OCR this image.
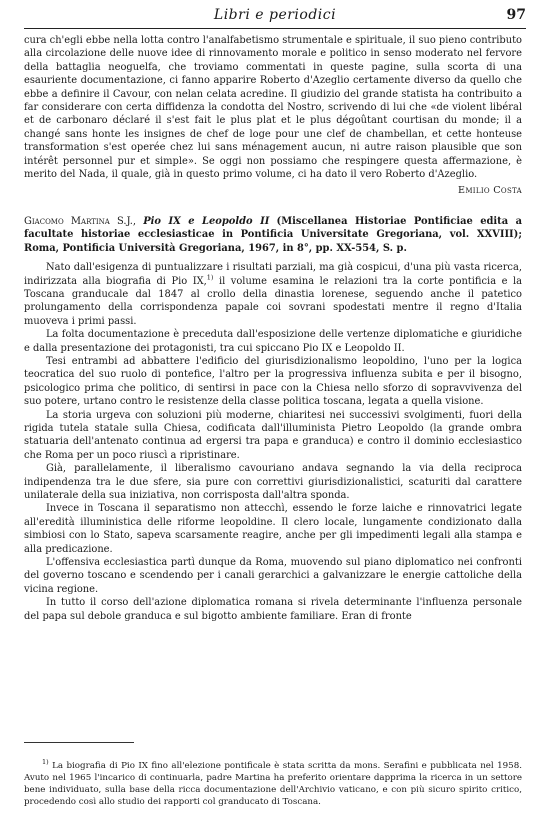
Libri e periodici	97

cura ch'egli ebbe nella lotta contro l'analfabetismo strumentale e spirituale, il suo pieno contributo alla circolazione delle nuove idee di rinnovamento morale e politico in senso moderato nel fervore della battaglia neoguelfa, che troviamo commentati in queste pagine, sulla scorta di una esauriente documentazione, ci fanno apparire Roberto d'Azeglio certamente diverso da quello che ebbe a definire il Cavour, con nelan celata acredine. Il giudizio del grande statista ha contribuito a far considerare con certa diffidenza la condotta del Nostro, scrivendo di lui che «de violent libéral et de carbonaro déclaré il s'est fait le plus plat et le plus dégoûtant courtisan du monde; il a changé sans honte les insignes de chef de loge pour une clef de chambellan, et cette honteuse transformation s'est operée chez lui sans ménagement aucun, ni autre raison plausible que son intérêt personnel pur et simple». Se oggi non possiamo che respingere questa affermazione, è merito del Nada, il quale, già in questo primo volume, ci ha dato il vero Roberto d'Azeglio.

Emilio Costa

Giacomo Martina S.J., Pio IX e Leopoldo II (Miscellanea Historiae Pontificiae edita a facultate historiae ecclesiasticae in Pontificia Universitate Gregoriana, vol. XXVIII); Roma, Pontificia Università Gregoriana, 1967, in 8°, pp. XX-554, S. p.

Nato dall'esigenza di puntualizzare i risultati parziali, ma già cospicui, d'una più vasta ricerca, indirizzata alla biografia di Pio IX,$^{1)}$ il volume esamina le relazioni tra la corte pontificia e la Toscana granducale dal 1847 al crollo della dinastia lorenese, seguendo anche il patetico prolungamento della corrispondenza papale coi sovrani spodestati mentre il regno d'Italia muoveva i primi passi.

La folta documentazione è preceduta dall'esposizione delle vertenze diplomatiche e giuridiche e dalla presentazione dei protagonisti, tra cui spiccano Pio IX e Leopoldo II.

Tesi entrambi ad abbattere l'edificio del giurisdizionalismo leopoldino, l'uno per la logica teocratica del suo ruolo di pontefice, l'altro per la progressiva influenza subita e per il bisogno, psicologico prima che politico, di sentirsi in pace con la Chiesa nello sforzo di sopravvivenza del suo potere, urtano contro le resistenze della classe politica toscana, legata a quella visione.

La storia urgeva con soluzioni più moderne, chiaritesi nei successivi svolgimenti, fuori della rigida tutela statale sulla Chiesa, codificata dall'illuminista Pietro Leopoldo (la grande ombra statuaria dell'antenato continua ad ergersi tra papa e granduca) e contro il dominio ecclesiastico che Roma per un poco riuscì a ripristinare.

Già, parallelamente, il liberalismo cavouriano andava segnando la via della reciproca indipendenza tra le due sfere, sia pure con correttivi giurisdizionalistici, scaturiti dal carattere unilaterale della sua iniziativa, non corrisposta dall'altra sponda.

Invece in Toscana il separatismo non attecchì, essendo le forze laiche e rinnovatrici legate all'eredità illuministica delle riforme leopoldine. Il clero locale, lungamente condizionato dalla simbiosi con lo Stato, sapeva scarsamente reagire, anche per gli impedimenti legali alla stampa e alla predicazione.

L'offensiva ecclesiastica partì dunque da Roma, muovendo sul piano diplomatico nei confronti del governo toscano e scendendo per i canali gerarchici a galvanizzare le energie cattoliche della vicina regione.

In tutto il corso dell'azione diplomatica romana si rivela determinante l'influenza personale del papa sul debole granduca e sul bigotto ambiente familiare. Eran di fronte

$^{1)}$ La biografia di Pio IX fino all'elezione pontificale è stata scritta da mons. Serafini e pubblicata nel 1958. Avuto nel 1965 l'incarico di continuarla, padre Martina ha preferito orientare dapprima la ricerca in un settore bene individuato, sulla base della ricca documentazione dell'Archivio vaticano, e con più sicuro spirito critico, procedendo così allo studio dei rapporti col granducato di Toscana.
